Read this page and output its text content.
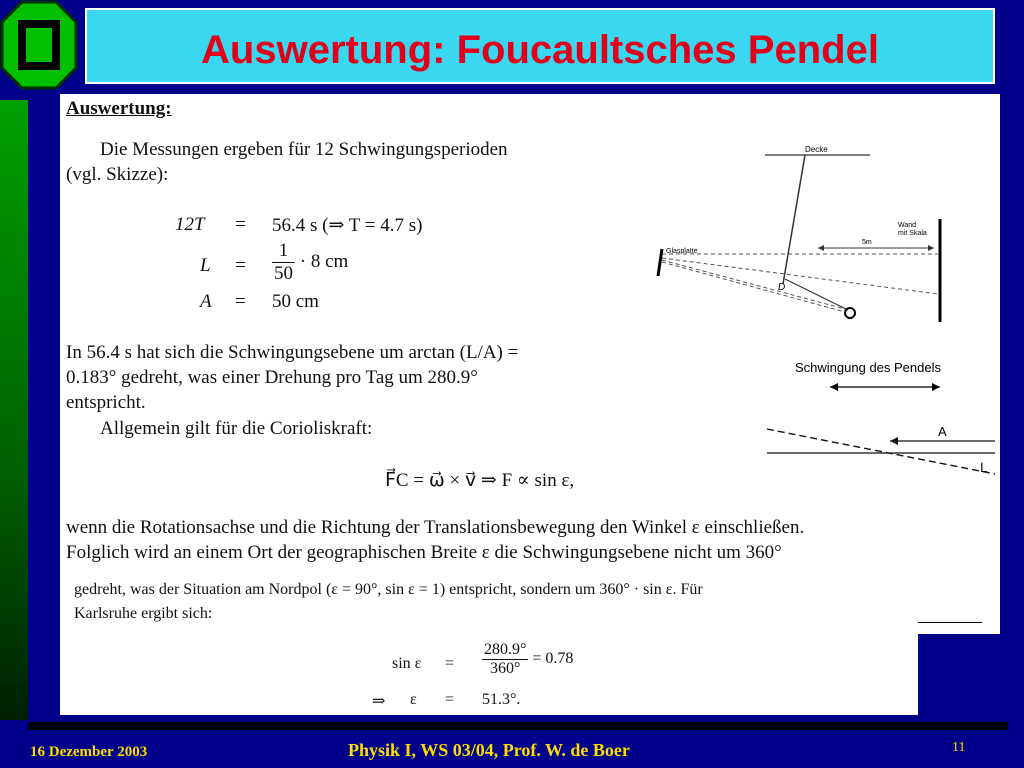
Auswertung: Foucaultsches Pendel
Auswertung:
Die Messungen ergeben für 12 Schwingungsperioden
(vgl. Skizze):
12T = 56.4 s (⇒ T = 4.7 s)
$L = \frac{1}{50} \cdot 8$ cm
A = 50 cm
In 56.4 s hat sich die Schwingungsebene um arctan (L/A) =
0.183° gedreht, was einer Drehung pro Tag um 280.9°
entspricht.
Allgemein gilt für die Corioliskraft:
F⃗C = ω⃗ × v⃗ ⇒ F ∝ sin ε,
wenn die Rotationsachse und die Richtung der Translationsbewegung den Winkel ε einschließen.
Folglich wird an einem Ort der geographischen Breite ε die Schwingungsebene nicht um 360°
Decke
D
Wand
mit Skala
5m
Glasplatte
Schwingung des Pendels
A
L
gedreht, was der Situation am Nordpol (ε = 90°, sin ε = 1) entspricht, sondern um 360° · sin ε. Für
Karlsruhe ergibt sich:
$\sin \varepsilon = \frac{280.9^\circ}{360^\circ} = 0.78$
⇒ ε = 51.3°.
16 Dezember 2003	Physik I, WS 03/04, Prof. W. de Boer	11
